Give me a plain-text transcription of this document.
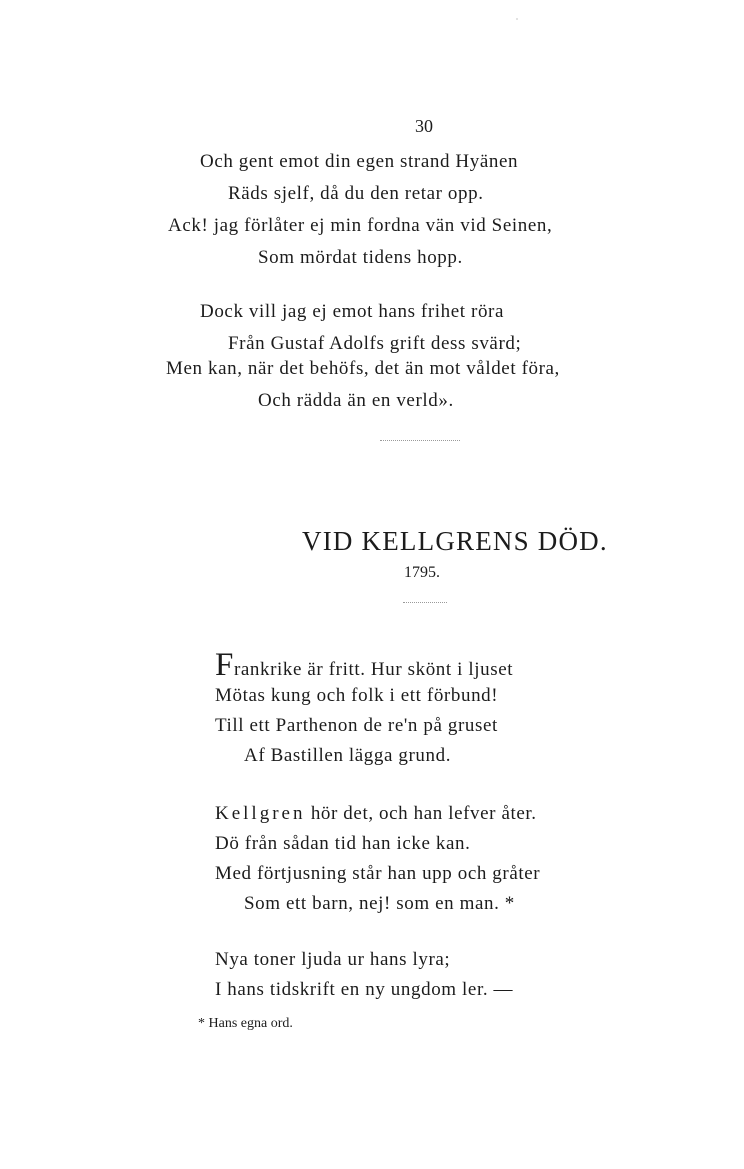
30
Och gent emot din egen strand Hyänen
Räds sjelf, då du den retar opp.
Ack! jag förlåter ej min fordna vän vid Seinen,
Som mördat tidens hopp.
Dock vill jag ej emot hans frihet röra
Från Gustaf Adolfs grift dess svärd;
Men kan, när det behöfs, det än mot våldet föra,
Och rädda än en verld».
VID KELLGRENS DÖD.
1795.
Frankrike är fritt. Hur skönt i ljuset
Mötas kung och folk i ett förbund!
Till ett Parthenon de re'n på gruset
Af Bastillen lägga grund.
Kellgren hör det, och han lefver åter.
Dö från sådan tid han icke kan.
Med förtjusning står han upp och gråter
Som ett barn, nej! som en man. *
Nya toner ljuda ur hans lyra;
I hans tidskrift en ny ungdom ler. —
* Hans egna ord.
